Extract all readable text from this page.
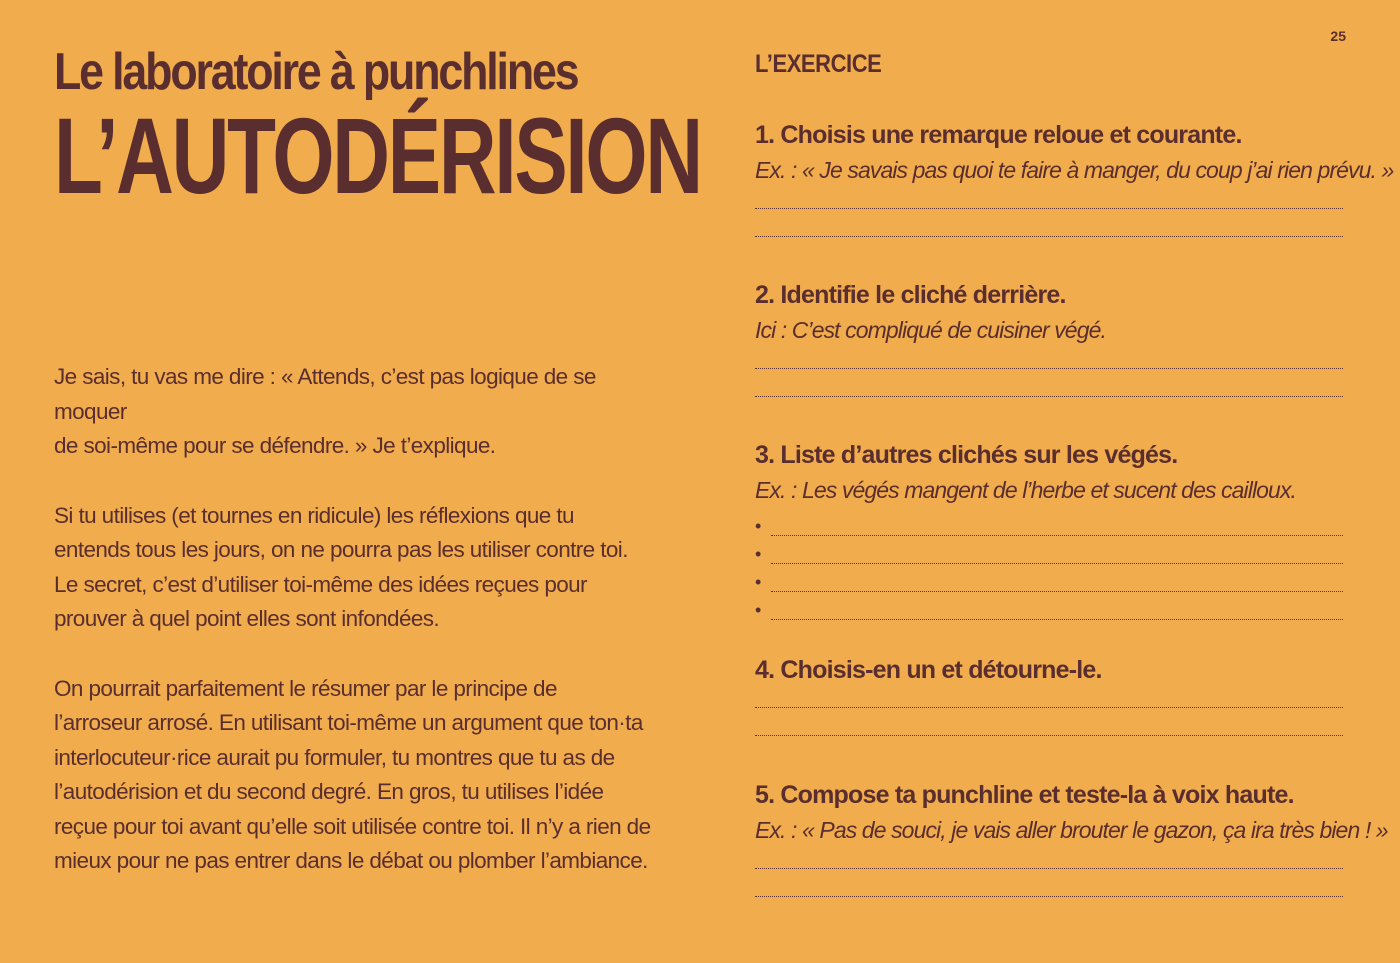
25
Le laboratoire à punchlines
L’AUTODÉRISION

Je sais, tu vas me dire : « Attends, c’est pas logique de se moquer
de soi-même pour se défendre. » Je t’explique.

Si tu utilises (et tournes en ridicule) les réflexions que tu
entends tous les jours, on ne pourra pas les utiliser contre toi.
Le secret, c’est d’utiliser toi-même des idées reçues pour
prouver à quel point elles sont infondées.

On pourrait parfaitement le résumer par le principe de
l’arroseur arrosé. En utilisant toi-même un argument que ton·ta
interlocuteur·rice aurait pu formuler, tu montres que tu as de
l’autodérision et du second degré. En gros, tu utilises l’idée
reçue pour toi avant qu’elle soit utilisée contre toi. Il n’y a rien de
mieux pour ne pas entrer dans le débat ou plomber l’ambiance.

L’EXERCICE
1. Choisis une remarque reloue et courante.
Ex. : « Je savais pas quoi te faire à manger, du coup j’ai rien prévu. »
2. Identifie le cliché derrière.
Ici : C’est compliqué de cuisiner végé.
3. Liste d’autres clichés sur les végés.
Ex. : Les végés mangent de l’herbe et sucent des cailloux.
•
•
•
•
4. Choisis-en un et détourne-le.
5. Compose ta punchline et teste-la à voix haute.
Ex. : « Pas de souci, je vais aller brouter le gazon, ça ira très bien ! »
